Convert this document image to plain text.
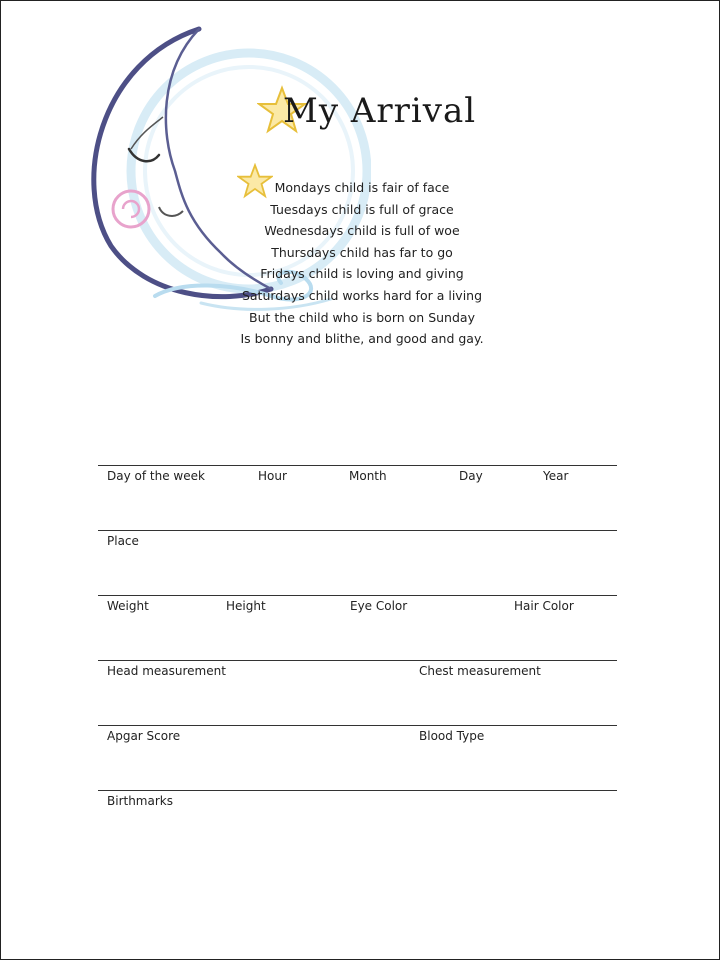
My Arrival
Mondays child is fair of face
Tuesdays child is full of grace
Wednesdays child is full of woe
Thursdays child has far to go
Fridays child is loving and giving
Saturdays child works hard for a living
But the child who is born on Sunday
Is bonny and blithe, and good and gay.
Day of the week	Hour	Month	Day	Year
Place
Weight	Height	Eye Color	Hair Color
Head measurement	Chest measurement
Apgar Score	Blood Type
Birthmarks
